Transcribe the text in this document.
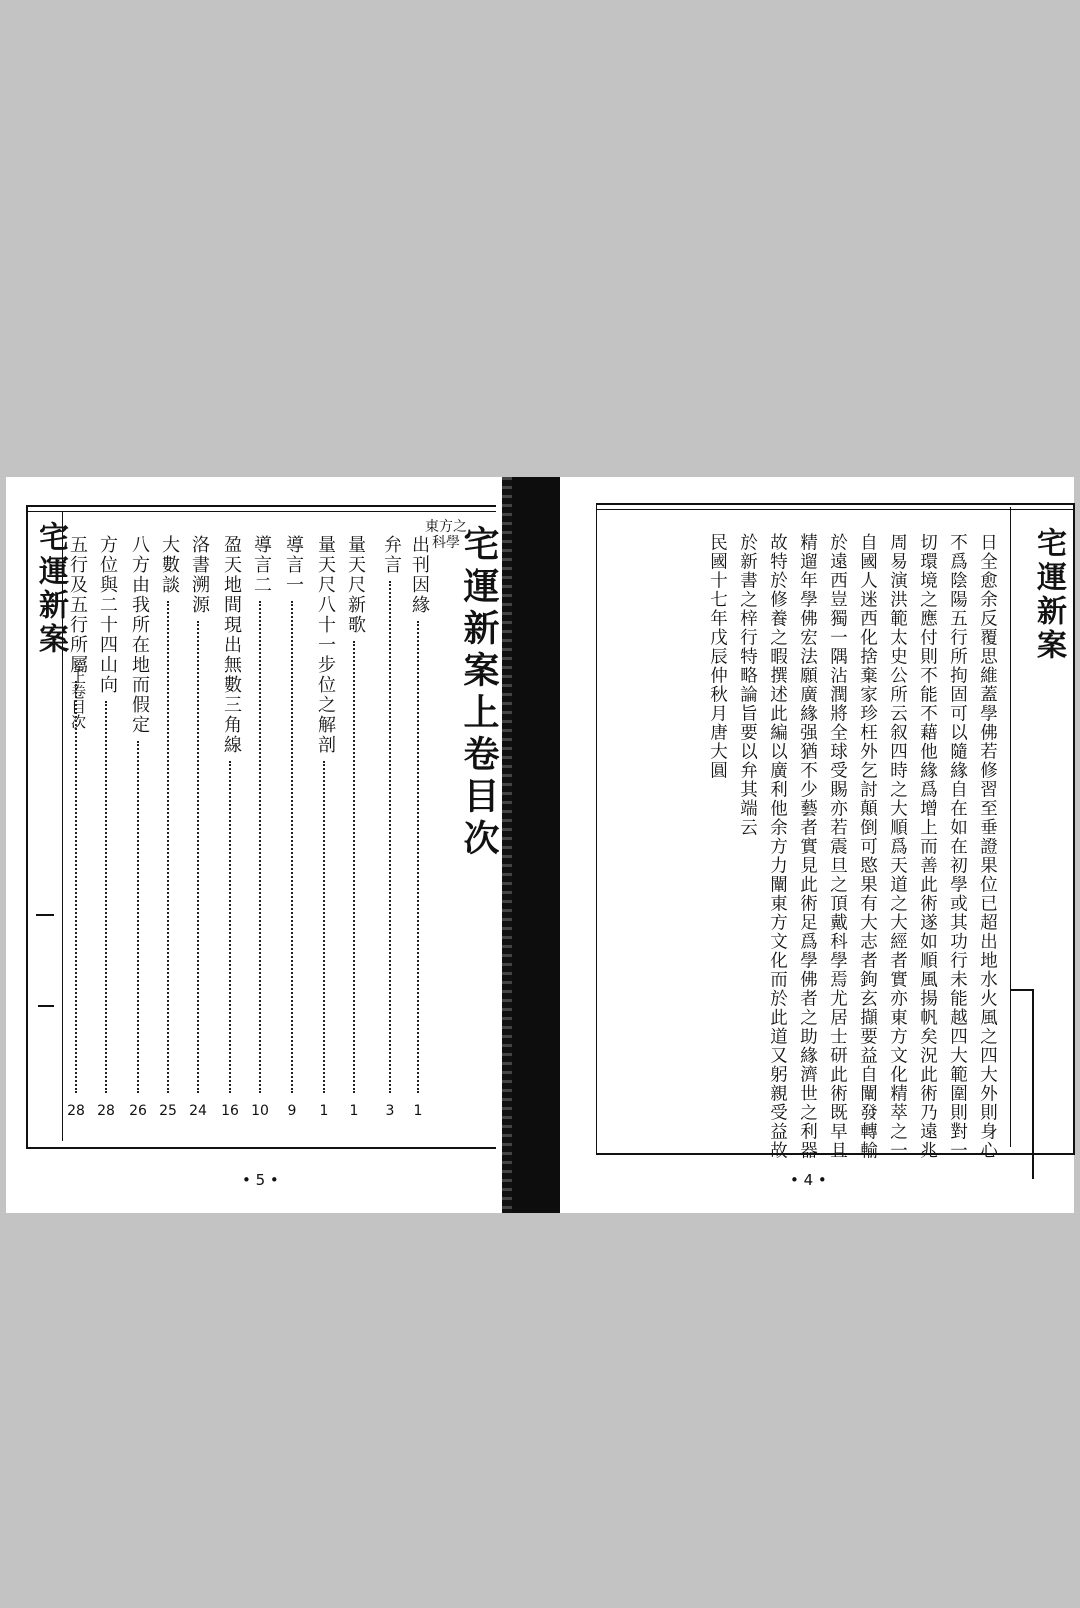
宅運新案
上卷目次
東方之
科學
宅運新案上卷目次
出刊因緣
1
弁言
3
量天尺新歌
1
量天尺八十一步位之解剖
1
導言一
9
導言二
10
盈天地間現出無數三角線
16
洛書溯源
24
大數談
25
八方由我所在地而假定
26
方位與二十四山向
28
五行及五行所屬
28
• 5 •
宅運新案
日全愈余反覆思維蓋學佛若修習至垂證果位已超出地水火風之四大外則身心
不爲陰陽五行所拘固可以隨緣自在如在初學或其功行未能越四大範圍則對一
切環境之應付則不能不藉他緣爲增上而善此術遂如順風揚帆矣況此術乃遠兆
周易演洪範太史公所云叙四時之大順爲天道之大經者實亦東方文化精萃之一
自國人迷西化捨棄家珍枉外乞討顛倒可愍果有大志者鉤玄擷要益自闡發轉輸
於遠西豈獨一隅沾潤將全球受賜亦若震旦之頂戴科學焉尤居士研此術既早且
精遛年學佛宏法願廣緣强猶不少藝者實見此術足爲學佛者之助緣濟世之利器
故特於修養之暇撰述此編以廣利他余方力闡東方文化而於此道又躬親受益故
於新書之梓行特略論旨要以弁其端云
民國十七年戊辰仲秋月唐大圓
• 4 •
